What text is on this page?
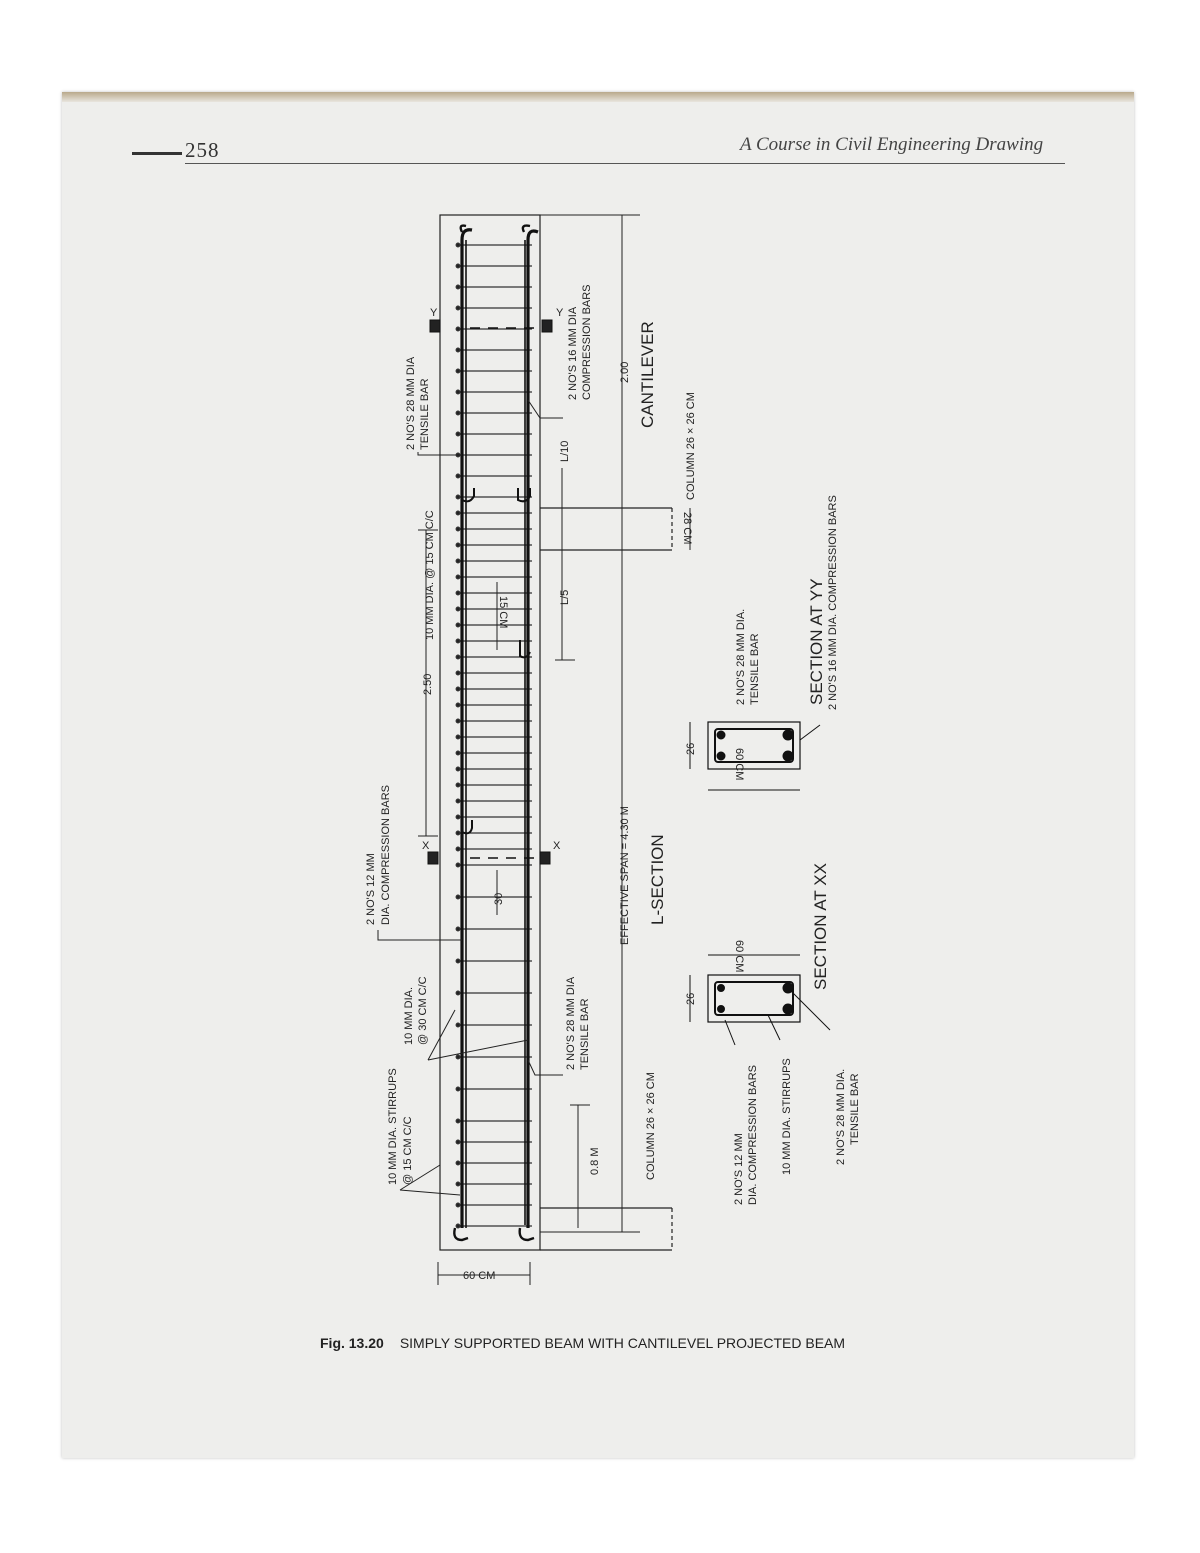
258	A Course in Civil Engineering Drawing
2 NO'S 28 MM DIA TENSILE BAR
2 NO'S 16 MM DIA COMPRESSION BARS
COLUMN 26 × 26 CM
10 MM DIA. @ 15 CM C/C
2 NO'S 12 MM DIA. COMPRESSION BARS
10 MM DIA. @ 30 CM C/C
10 MM DIA. STIRRUPS @ 15 CM C/C
2 NO'S 28 MM DIA TENSILE BAR
COLUMN 26 × 26 CM
EFFECTIVE SPAN = 4.30 M
2.00
2.50
L/5
L/10
0.8 M
2 NO'S 28 MM DIA. TENSILE BAR	2 NO'S 16 MM DIA. COMPRESSION BARS
2 NO'S 12 MM DIA. COMPRESSION BARS 10 MM DIA. STIRRUPS	2 NO'S 28 MM DIA. TENSILE BAR
26
26
30
15 CM
28 CM
60 CM
60 CM
60 CM
X	X
Y	Y
L-SECTION
CANTILEVER
SECTION AT XX
SECTION AT YY
Fig. 13.20 SIMPLY SUPPORTED BEAM WITH CANTILEVEL PROJECTED BEAM
